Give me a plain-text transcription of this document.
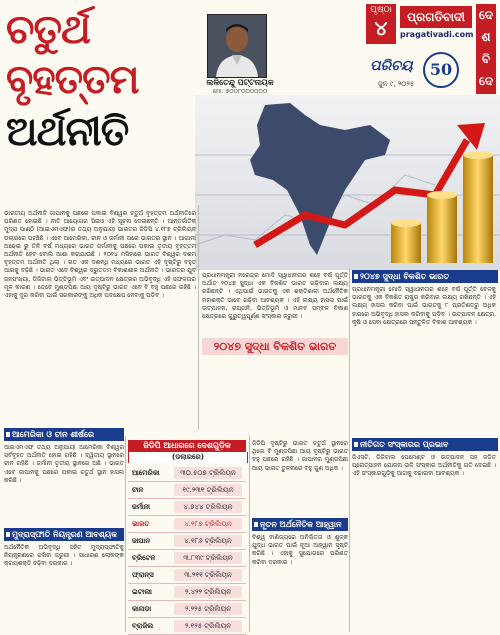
ଚତୁର୍ଥ
ବୃହତ୍ତମ
ଅର୍ଥନୀତି
ଲଳିତେନ୍ଦୁ ପଟ୍ଟନାୟକ
ମୋ: ୭୦୦୮୦୦୦୦୦୦
ପୃଷ୍ଠା
୪	ପ୍ରଗତିବାଦୀ
pragativadi.com
ଦେ
ଶ
ବି
ଦେ
ପରିଚୟ	50
ଜୁନ ୯, ୨୦୨୫
ଭାରତୀୟ ଅର୍ଥନୀତି ଜାପାନକୁ ପଛରେ ପକାଇ ବିଶ୍ୱର ଚତୁର୍ଥ ବୃହତ୍ତମ ଅର୍ଥନୀତିରେ ପରିଣତ ହୋଇଛି । ନୀତି ଆୟୋଗର ସିଇଓ ଏହି ସୂଚନା ଦେଇଛନ୍ତି । ଆନ୍ତର୍ଜାତିକ ମୁଦ୍ରା ପାଣ୍ଠି (ଆଇଏମଏଫ)ର ତଥ୍ୟ ଅନୁଯାୟୀ ଭାରତର ଜିଡିପି ୪.୧୮୭ ଟ୍ରିଲିୟନ ଡଲାରରେ ପହଞ୍ଚିଛି । ଏବେ ଆମେରିକା, ଚୀନ ଓ ଜର୍ମାନୀ ପରେ ଭାରତର ସ୍ଥାନ । ଆଗାମୀ ଅଢେଇ ରୁ ତିନି ବର୍ଷ ମଧ୍ୟରେ ଭାରତ ଜର୍ମାନୀକୁ ପଛରେ ପକାଇ ତୃତୀୟ ବୃହତ୍ତମ ଅର୍ଥନୀତି ହେବ ବୋଲି ଆଶା କରାଯାଉଛି । ୨୦୧୪ ମସିହାରେ ଭାରତ ବିଶ୍ୱର ଦଶମ ବୃହତ୍ତମ ଅର୍ଥନୀତି ଥିଲା । ଗତ ଏକ ଦଶନ୍ଧି ମଧ୍ୟରେ ଭାରତ ଏହି ଦୃଷ୍ଟିରୁ ବହୁତ ଆଗକୁ ବଢ଼ିଛି । ଭାରତ ଏବେ ବିଶ୍ୱର ଦ୍ରୁତତମ ବିକାଶଶୀଳ ଅର୍ଥନୀତି । ଭାରତର ଯୁବ ଜନସଂଖ୍ୟା, ଡିଜିଟାଲ ଭିତ୍ତିଭୂମି ଏବଂ ଉତ୍ପାଦନ କ୍ଷେତ୍ରର ଅଭିବୃଦ୍ଧି ଏହି ସଫଳତାର ମୂଳ କାରଣ । ତେବେ ମୁଣ୍ଡପିଛା ଆୟ ଦୃଷ୍ଟିରୁ ଭାରତ ଏବେ ବି ବହୁ ପଛରେ ରହିଛି । ଏହାକୁ ଦୂର କରିବା ପାଇଁ ସରକାରଙ୍କୁ ଅଧିକ ପଦକ୍ଷେପ ନେବାକୁ ପଡ଼ିବ ।
ପ୍ରଧାନମନ୍ତ୍ରୀ ନରେନ୍ଦ୍ର ମୋଦି ସ୍ୱାଧୀନତାର ଶହେ ବର୍ଷ ପୂର୍ତ୍ତି ଅର୍ଥାତ ୨୦୪୭ ସୁଦ୍ଧା ଏକ ବିକଶିତ ଭାରତ ଗଢ଼ିବାର ଲକ୍ଷ୍ୟ ରଖିଛନ୍ତି । ଏଥିପାଇଁ ଭାରତକୁ ଏକ ଶକ୍ତିଶାଳୀ ଅର୍ଥନୈତିକ ମହାଶକ୍ତି ଭାବେ ଗଢ଼ିବା ଆବଶ୍ୟକ । ଏହି ଲକ୍ଷ୍ୟ ହାସଲ ପାଇଁ ଉତ୍ପାଦନ, ରପ୍ତାନି, ଭିତ୍ତିଭୂମି ଓ ମାନବ ସମ୍ବଳ ବିକାଶ କ୍ଷେତ୍ରରେ ଗୁରୁତ୍ୱପୂର୍ଣ୍ଣ ସଂସ୍କାର ଜରୁରୀ ।
୨୦୪୭ ସୁଦ୍ଧା ବିକଶିତ ଭାରତ
୨୦୪୭ ସୁଦ୍ଧା ବିକଶିତ ଭାରତ
ପ୍ରଧାନମନ୍ତ୍ରୀ ମୋଦି ସ୍ୱାଧୀନତାର ଶହେ ବର୍ଷ ପୂର୍ତ୍ତି ବେଳକୁ ଭାରତକୁ ଏକ ବିକଶିତ ରାଷ୍ଟ୍ର କରିବାର ଲକ୍ଷ୍ୟ ରଖିଛନ୍ତି । ଏହି ଲକ୍ଷ୍ୟ ହାସଲ କରିବା ପାଇଁ ଭାରତକୁ ୮ ପ୍ରତିଶତରୁ ଅଧିକ ହାରରେ ଅଭିବୃଦ୍ଧି ହାସଲ କରିବାକୁ ପଡ଼ିବ । ଉତ୍ପାଦନ କ୍ଷେତ୍ର, କୃଷି ଓ ସେବା କ୍ଷେତ୍ରରେ ସନ୍ତୁଳିତ ବିକାଶ ଆବଶ୍ୟକ ।
ଆମେରିକା ଓ ଚୀନ ଶୀର୍ଷରେ
ଆଇଏମଏଫ ତଥ୍ୟ ଅନୁଯାୟୀ ଆମେରିକା ବିଶ୍ୱର ସର୍ବବୃହତ ଅର୍ଥନୀତି ହୋଇ ରହିଛି । ଦ୍ୱିତୀୟ ସ୍ଥାନରେ ଚୀନ ରହିଛି । ଜର୍ମାନୀ ତୃତୀୟ ସ୍ଥାନରେ ଅଛି । ଭାରତ ଏବେ ଜାପାନକୁ ପଛରେ ପକାଇ ଚତୁର୍ଥ ସ୍ଥାନ ହାସଲ କରିଛି ।
ମୁଦ୍ରାସ୍ଫୀତି ନିୟନ୍ତ୍ରଣ ଆବଶ୍ୟକ
ଅର୍ଥନୈତିକ ଅଭିବୃଦ୍ଧି ସହିତ ମୁଦ୍ରାସ୍ଫୀତିକୁ ନିୟନ୍ତ୍ରଣରେ ରଖିବା ଜରୁରୀ । ସାଧାରଣ ଲୋକଙ୍କ କ୍ରୟଶକ୍ତି ବଢ଼ିବା ଦରକାର ।
ଜିଡିପି ଆଧାରରେ ଦେଶଗୁଡ଼ିକ
(ଡଲାରରେ)
ଆମେରିକା	୩୦.୫୦୭ ଟ୍ରିଲିୟନ
ଚୀନ	୧୯.୨୩୧ ଟ୍ରିଲିୟନ
ଜର୍ମାନୀ	୪.୭୪୪ ଟ୍ରିଲିୟନ
ଭାରତ	୪.୧୮୭ ଟ୍ରିଲିୟନ
ଜାପାନ	୪.୧୮୬ ଟ୍ରିଲିୟନ
ବ୍ରିଟେନ	୩.୮୩୯ ଟ୍ରିଲିୟନ
ଫ୍ରାନ୍ସ	୩.୨୧୧ ଟ୍ରିଲିୟନ
ଇଟାଲୀ	୨.୪୨୨ ଟ୍ରିଲିୟନ
କାନାଡା	୨.୨୨୫ ଟ୍ରିଲିୟନ
ବ୍ରାଜିଲ	୨.୧୨୫ ଟ୍ରିଲିୟନ
ଜିଡିପି ଦୃଷ୍ଟିରୁ ଭାରତ ଚତୁର୍ଥ ସ୍ଥାନରେ ଥିଲେ ବି ମୁଣ୍ଡପିଛା ଆୟ ଦୃଷ୍ଟିରୁ ଭାରତ ବହୁ ପଛରେ ରହିଛି । ଜାପାନର ମୁଣ୍ଡପିଛା ଆୟ ଭାରତ ତୁଳନାରେ ବହୁ ଗୁଣ ଅଧିକ ।
ନୂତନ ଅର୍ଥନୈତିକ ଆହ୍ୱାନ
ବିଶ୍ୱ ବାଣିଜ୍ୟରେ ଅନିଶ୍ଚିତତା ଓ ଶୁଳ୍କ ଯୁଦ୍ଧ ଭାରତ ପାଇଁ ନୂଆ ଆହ୍ୱାନ ସୃଷ୍ଟି କରିଛି । ଏହାକୁ ସୁଯୋଗରେ ପରିଣତ କରିବା ଦରକାର ।
ନୀତିଗତ ସଂସ୍କାରର ପ୍ରଭାବ
ଜିଏସଟି, ଡିଜିଟାଲ ପେମେଣ୍ଟ ଓ ଉତ୍ପାଦନ ସହ ଜଡ଼ିତ ପ୍ରୋତ୍ସାହନ ଯୋଜନା ଭଳି ସଂସ୍କାର ଅର୍ଥନୀତିକୁ ଗତି ଦେଇଛି । ଏହି ସଂସ୍କାରଗୁଡ଼ିକୁ ଆଗକୁ ବଢ଼ାଇବା ଆବଶ୍ୟକ ।
